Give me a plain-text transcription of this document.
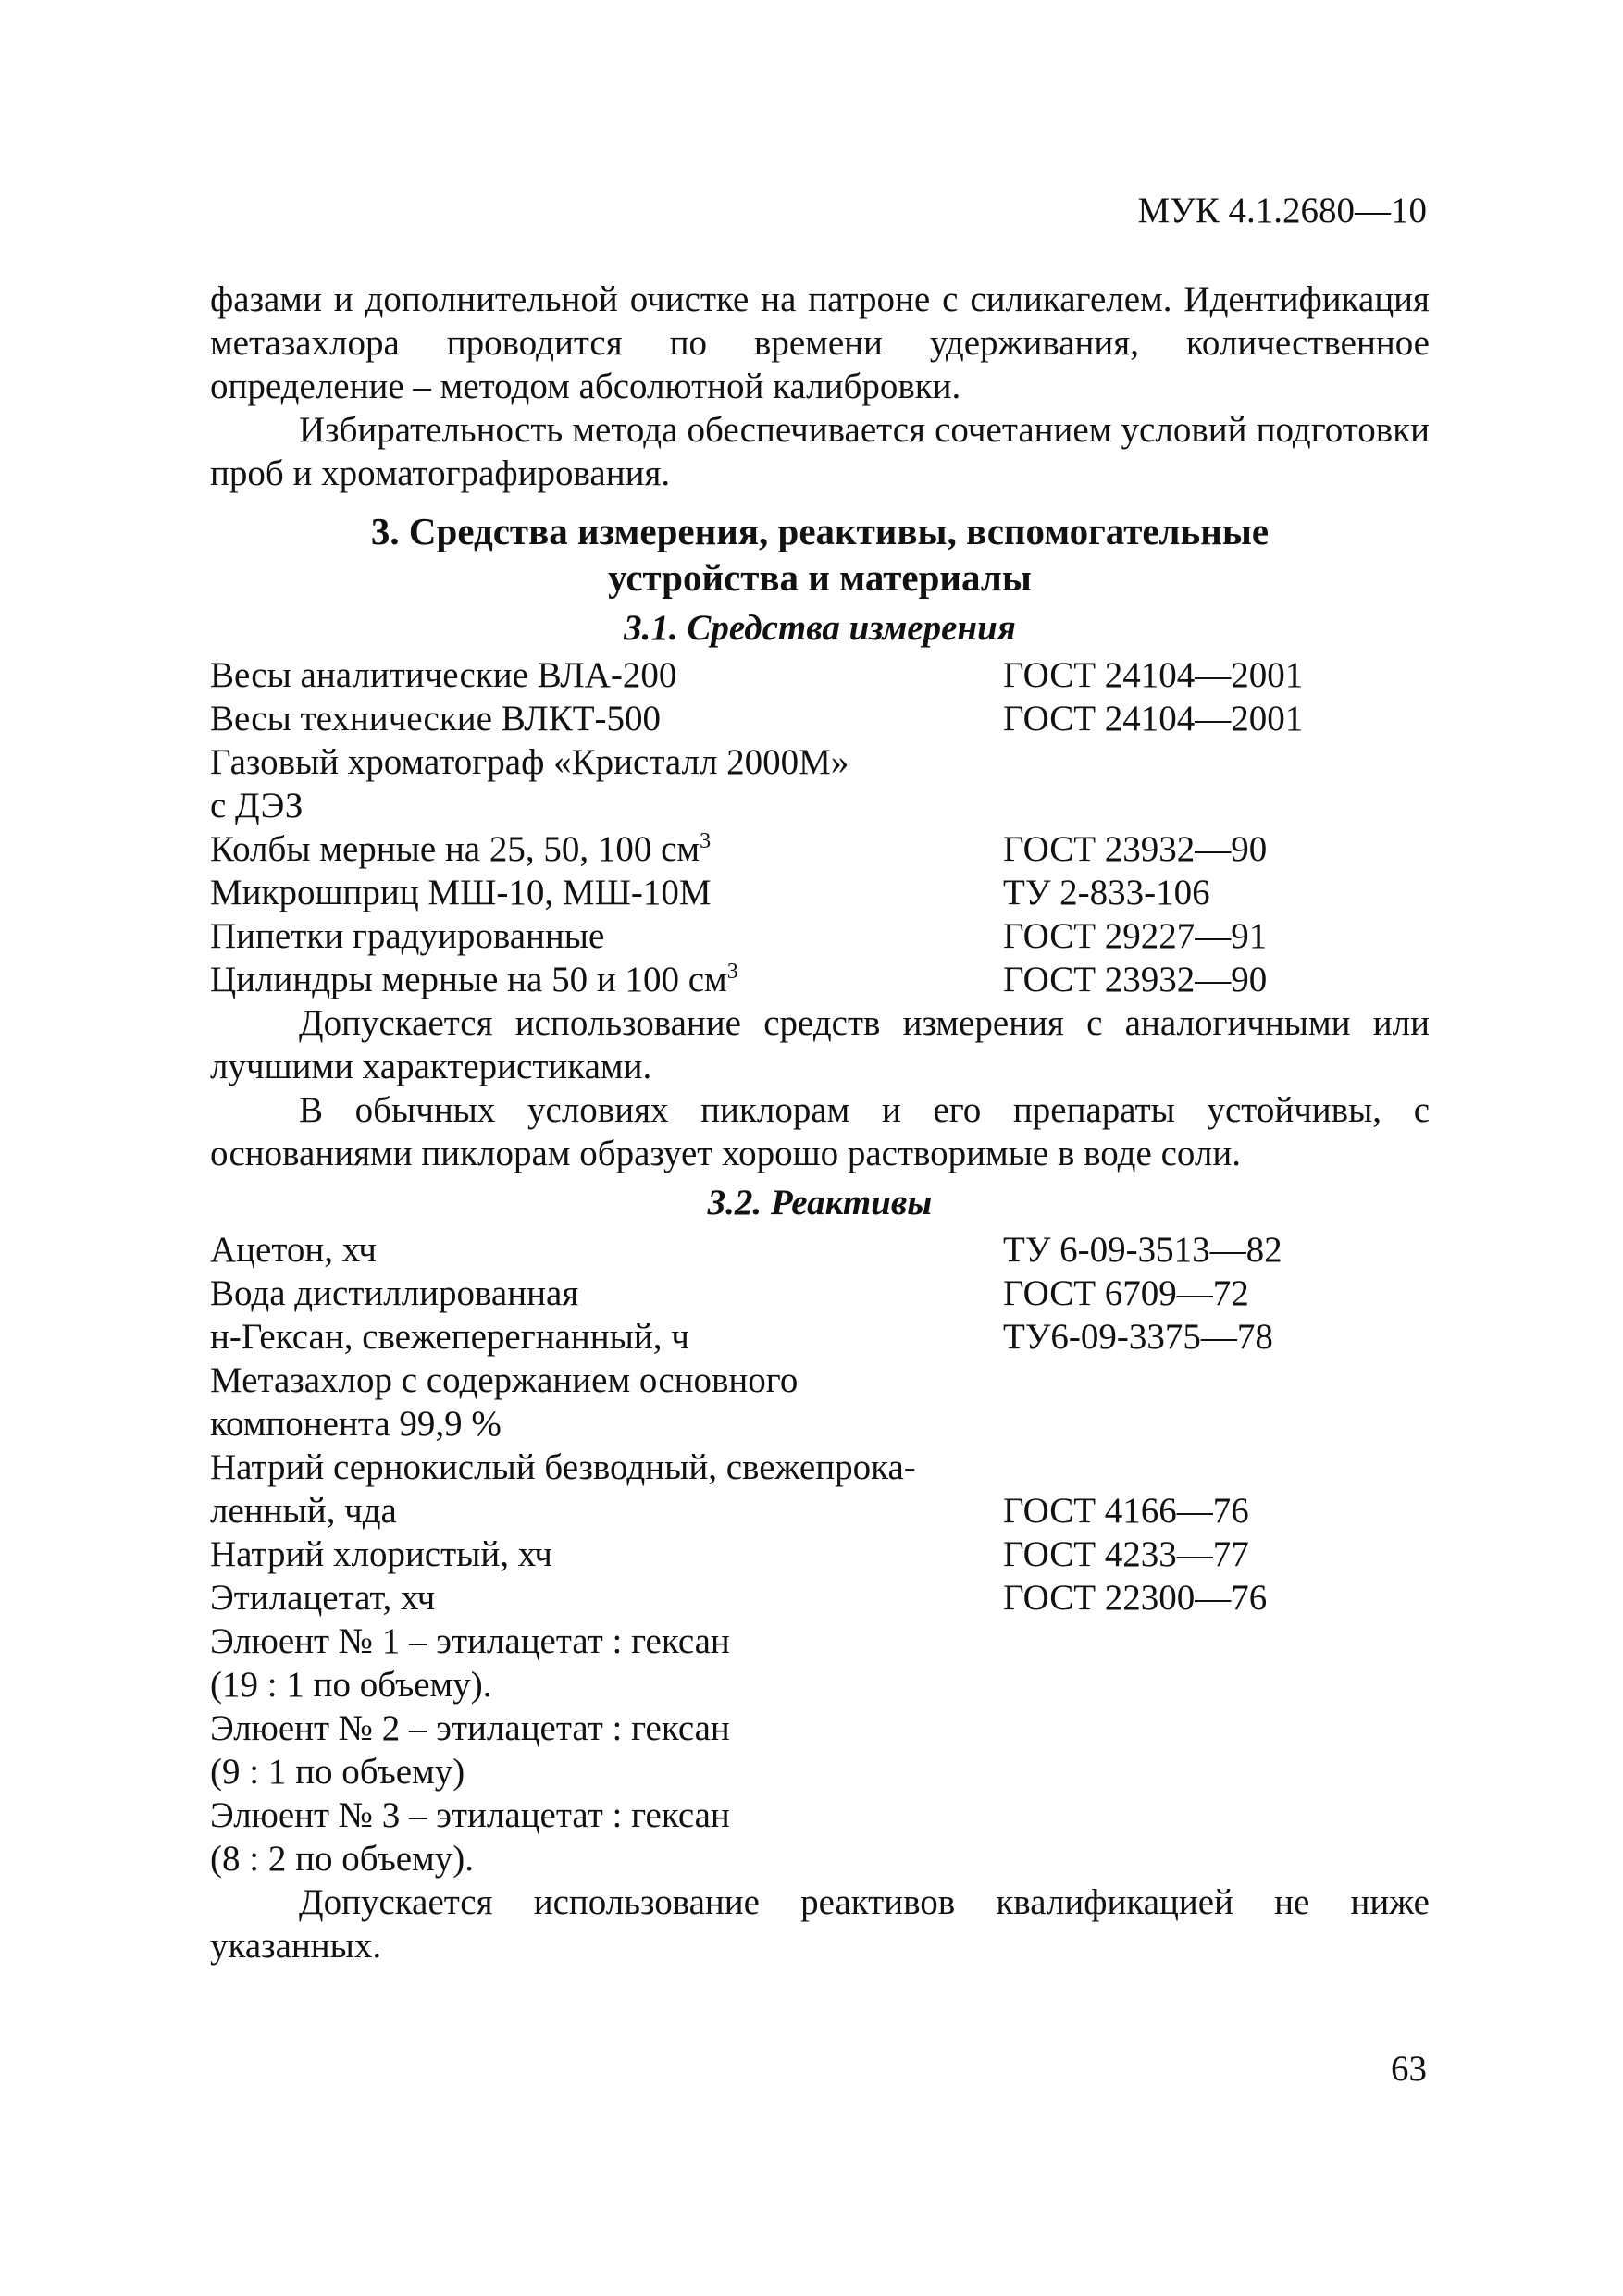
МУК 4.1.2680—10

фазами и дополнительной очистке на патроне с силикагелем. Идентификация метазахлора проводится по времени удерживания, количественное определение – методом абсолютной калибровки.

Избирательность метода обеспечивается сочетанием условий подготовки проб и хроматографирования.

3. Средства измерения, реактивы, вспомогательные
устройства и материалы
3.1. Средства измерения
Весы аналитические ВЛА-200	ГОСТ 24104—2001
Весы технические ВЛКТ-500	ГОСТ 24104—2001
Газовый хроматограф «Кристалл 2000М»
с ДЭЗ
Колбы мерные на 25, 50, 100 $см^3$	ГОСТ 23932—90
Микрошприц МШ-10, МШ-10М	ТУ 2-833-106
Пипетки градуированные	ГОСТ 29227—91
Цилиндры мерные на 50 и 100 $см^3$	ГОСТ 23932—90

Допускается использование средств измерения с аналогичными или лучшими характеристиками.

В обычных условиях пиклорам и его препараты устойчивы, с основаниями пиклорам образует хорошо растворимые в воде соли.

3.2. Реактивы
Ацетон, хч	ТУ 6-09-3513—82
Вода дистиллированная	ГОСТ 6709—72
н-Гексан, свежеперегнанный, ч	ТУ6-09-3375—78
Метазахлор с содержанием основного
компонента 99,9 %
Натрий сернокислый безводный, свежепрока-
ленный, чда	ГОСТ 4166—76
Натрий хлористый, хч	ГОСТ 4233—77
Этилацетат, хч	ГОСТ 22300—76
Элюент № 1 – этилацетат : гексан
(19 : 1 по объему).
Элюент № 2 – этилацетат : гексан
(9 : 1 по объему)
Элюент № 3 – этилацетат : гексан
(8 : 2 по объему).

Допускается использование реактивов квалификацией не ниже указанных.

63
